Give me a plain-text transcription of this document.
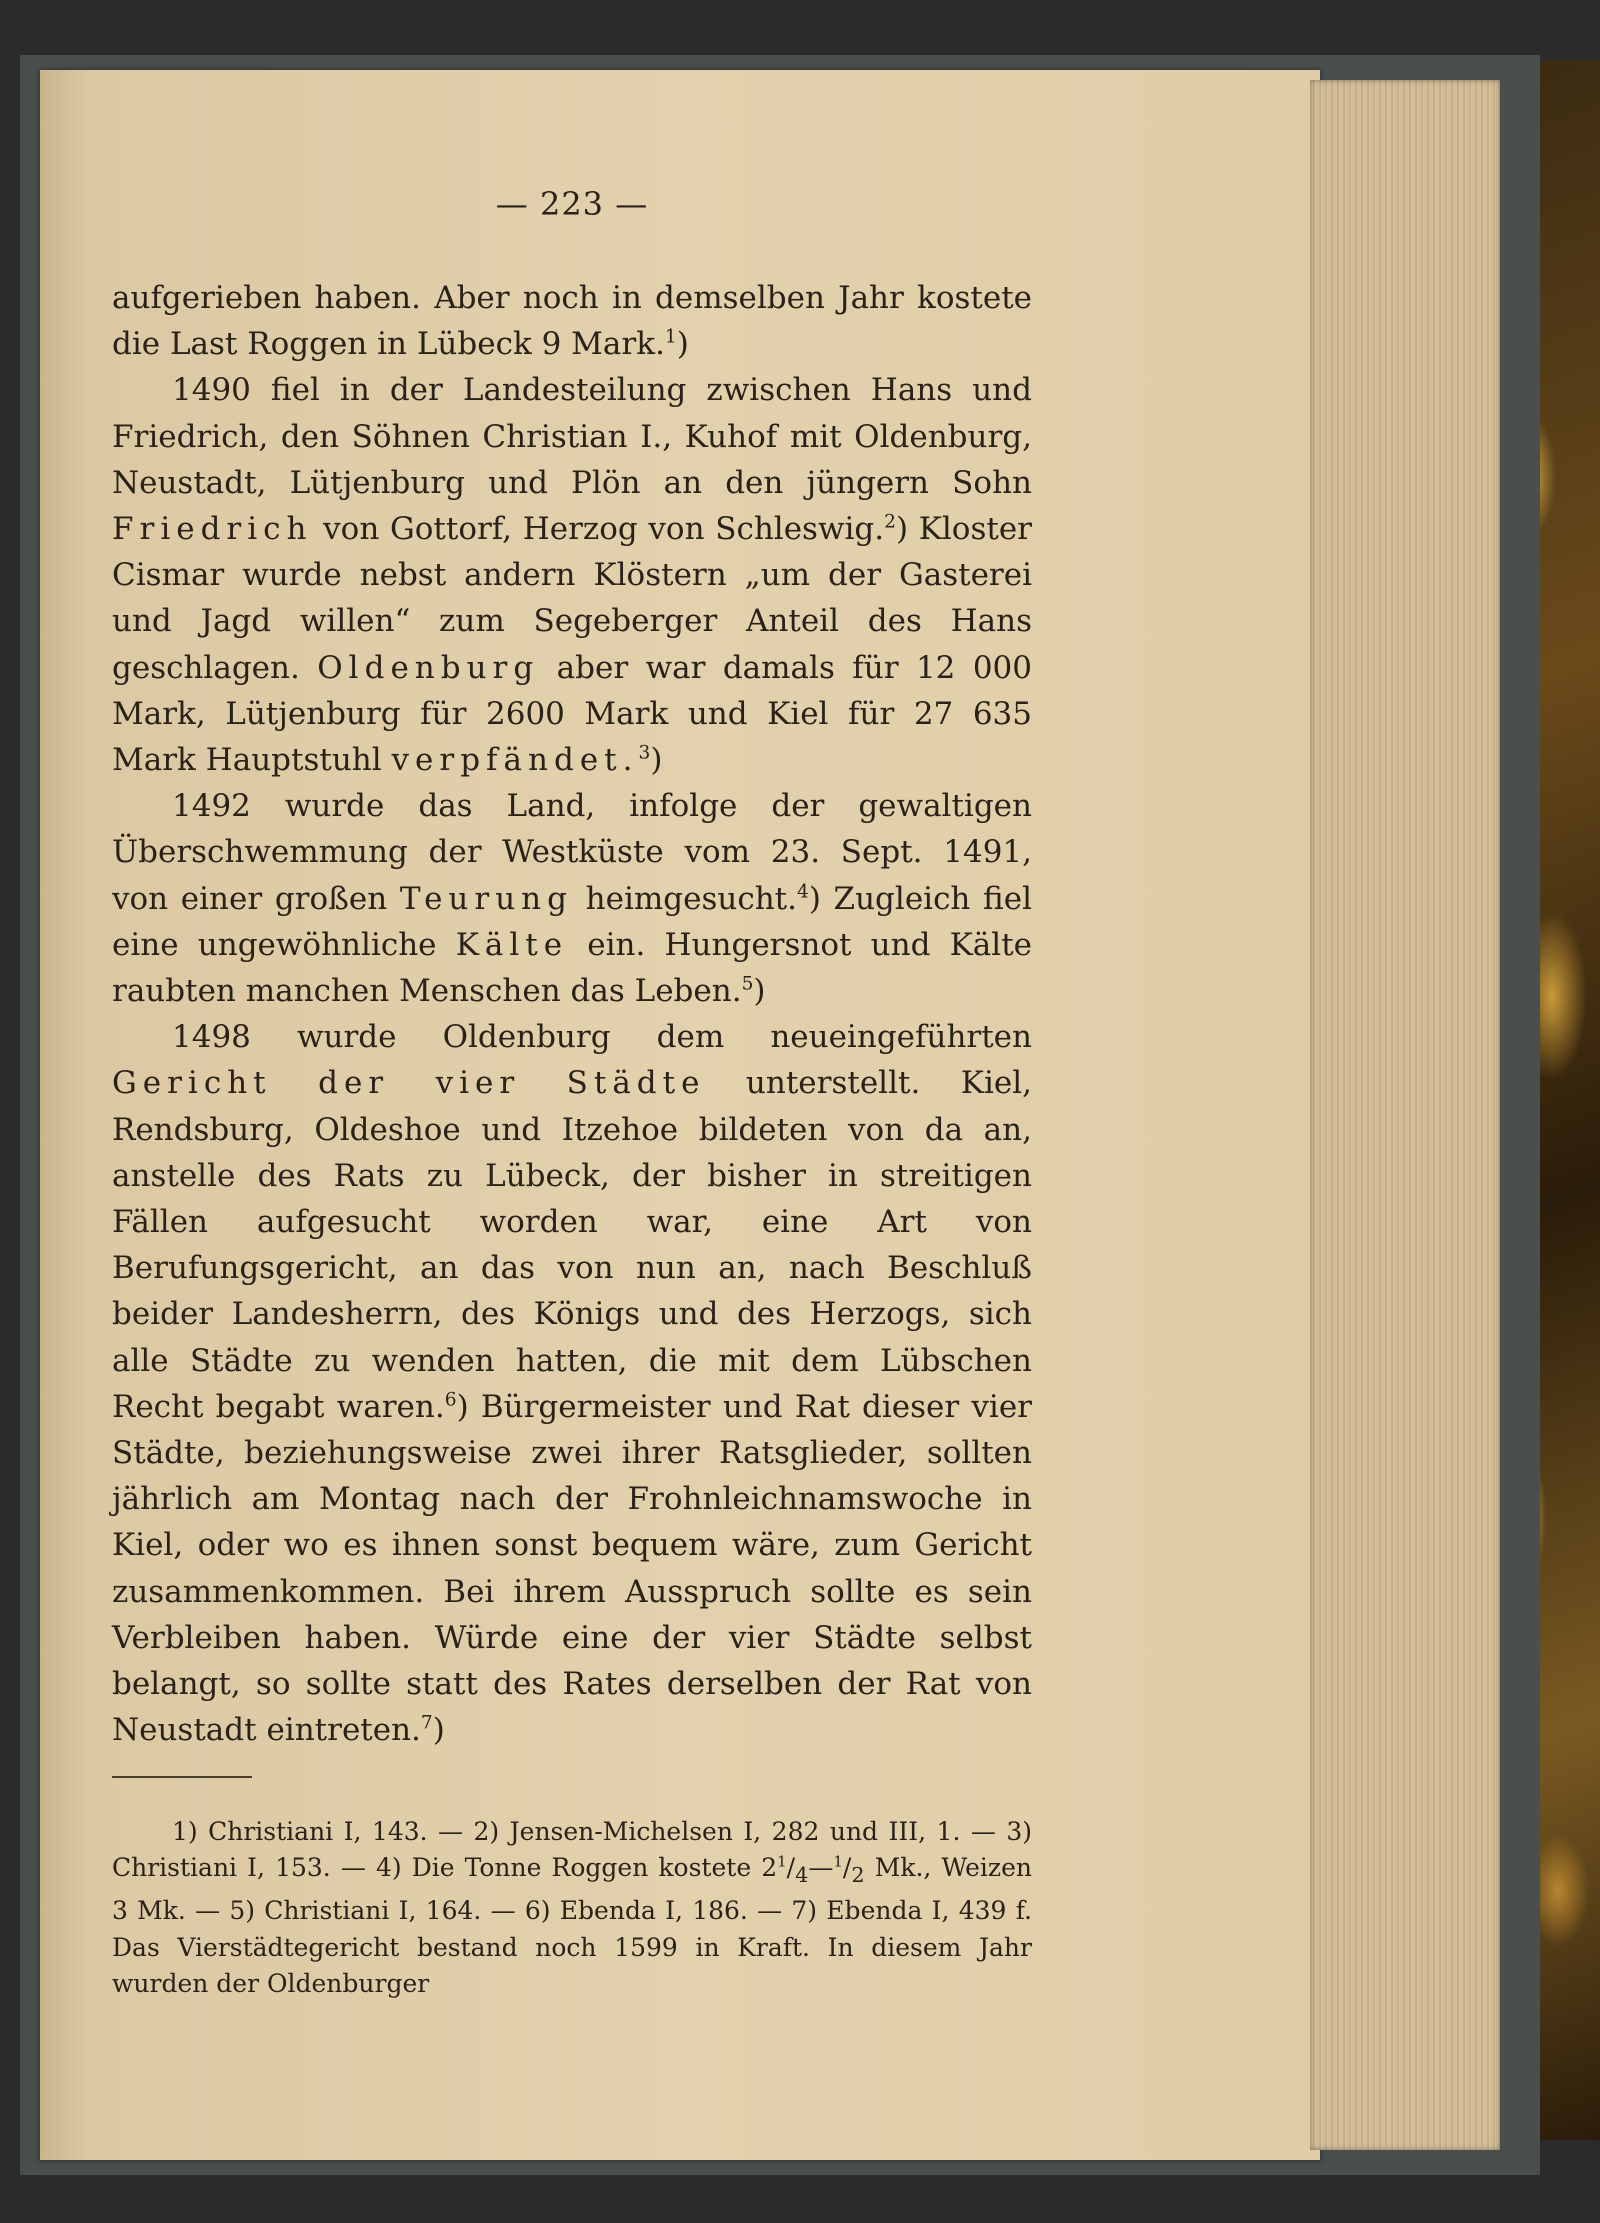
— 223 —

aufgerieben haben. Aber noch in demselben Jahr kostete die Last Roggen in Lübeck 9 Mark.$^1$)

1490 fiel in der Landesteilung zwischen Hans und Friedrich, den Söhnen Christian I., Kuhof mit Oldenburg, Neustadt, Lütjenburg und Plön an den jüngern Sohn Friedrich von Gottorf, Herzog von Schleswig.$^2$) Kloster Cismar wurde nebst andern Klöstern „um der Gasterei und Jagd willen“ zum Segeberger Anteil des Hans geschlagen. Oldenburg aber war damals für 12 000 Mark, Lütjenburg für 2600 Mark und Kiel für 27 635 Mark Hauptstuhl verpfändet.$^3$)

1492 wurde das Land, infolge der gewaltigen Überschwemmung der Westküste vom 23. Sept. 1491, von einer großen Teurung heimgesucht.$^4$) Zugleich fiel eine ungewöhnliche Kälte ein. Hungersnot und Kälte raubten manchen Menschen das Leben.$^5$)

1498 wurde Oldenburg dem neueingeführten Gericht der vier Städte unterstellt. Kiel, Rendsburg, Oldeshoe und Itzehoe bildeten von da an, anstelle des Rats zu Lübeck, der bisher in streitigen Fällen aufgesucht worden war, eine Art von Berufungsgericht, an das von nun an, nach Beschluß beider Landesherrn, des Königs und des Herzogs, sich alle Städte zu wenden hatten, die mit dem Lübschen Recht begabt waren.$^6$) Bürgermeister und Rat dieser vier Städte, beziehungsweise zwei ihrer Ratsglieder, sollten jährlich am Montag nach der Frohnleichnamswoche in Kiel, oder wo es ihnen sonst bequem wäre, zum Gericht zusammenkommen. Bei ihrem Ausspruch sollte es sein Verbleiben haben. Würde eine der vier Städte selbst belangt, so sollte statt des Rates derselben der Rat von Neustadt eintreten.$^7$)

1) Christiani I, 143. — 2) Jensen-Michelsen I, 282 und III, 1. — 3) Christiani I, 153. — 4) Die Tonne Roggen kostete $2^1/_4—^1/_2$ Mk., Weizen 3 Mk. — 5) Christiani I, 164. — 6) Ebenda I, 186. — 7) Ebenda I, 439 f. Das Vierstädtegericht bestand noch 1599 in Kraft. In diesem Jahr wurden der Oldenburger
